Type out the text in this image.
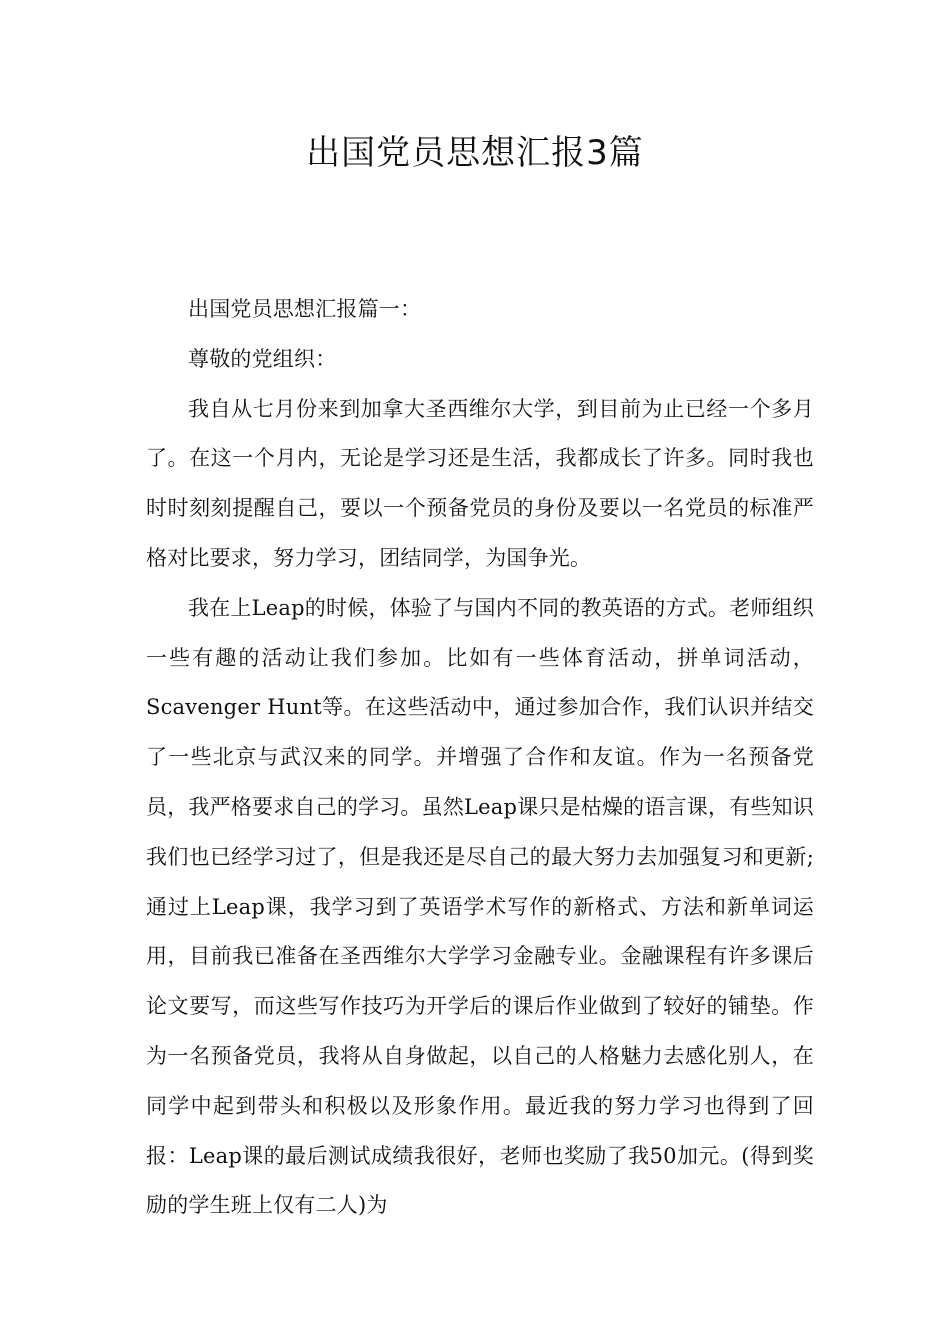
出国党员思想汇报3篇

出国党员思想汇报篇一：

尊敬的党组织：

我自从七月份来到加拿大圣西维尔大学，到目前为止已经一个多月了。在这一个月内，无论是学习还是生活，我都成长了许多。同时我也时时刻刻提醒自己，要以一个预备党员的身份及要以一名党员的标准严格对比要求，努力学习，团结同学，为国争光。

我在上Leap的时候，体验了与国内不同的教英语的方式。老师组织一些有趣的活动让我们参加。比如有一些体育活动，拼单词活动，Scavenger Hunt等。在这些活动中，通过参加合作，我们认识并结交了一些北京与武汉来的同学。并增强了合作和友谊。作为一名预备党员，我严格要求自己的学习。虽然Leap课只是枯燥的语言课，有些知识我们也已经学习过了，但是我还是尽自己的最大努力去加强复习和更新;通过上Leap课，我学习到了英语学术写作的新格式、方法和新单词运用，目前我已准备在圣西维尔大学学习金融专业。金融课程有许多课后论文要写，而这些写作技巧为开学后的课后作业做到了较好的铺垫。作为一名预备党员，我将从自身做起，以自己的人格魅力去感化别人，在同学中起到带头和积极以及形象作用。最近我的努力学习也得到了回报：Leap课的最后测试成绩我很好，老师也奖励了我50加元。(得到奖励的学生班上仅有二人)为
